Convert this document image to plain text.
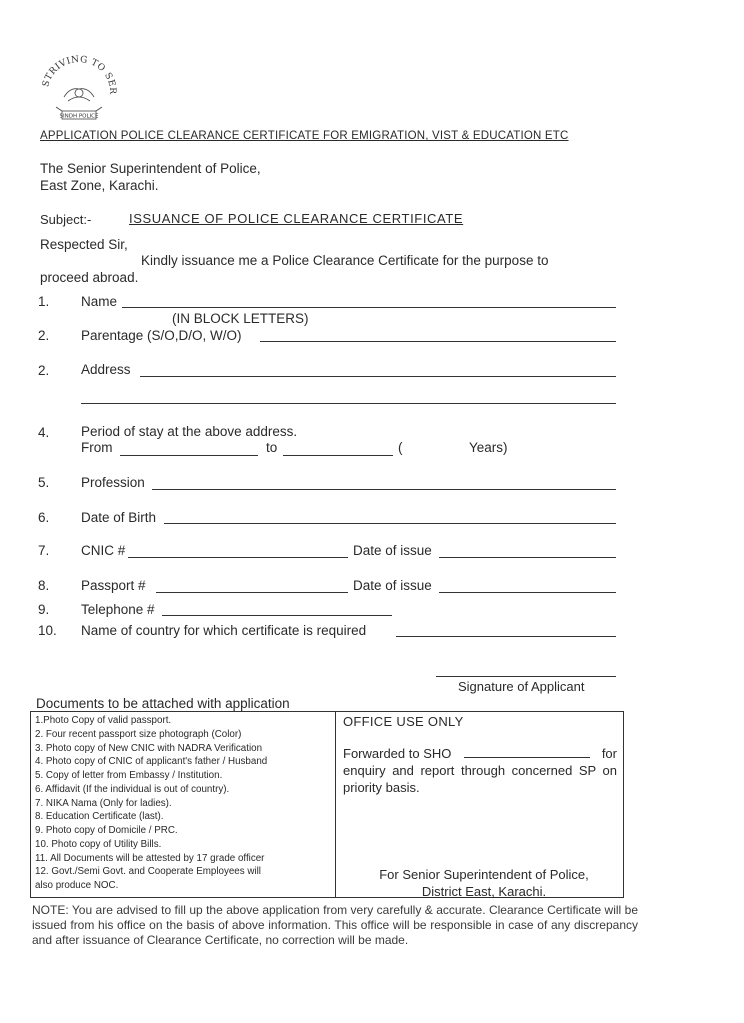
STRIVING TO SER
SINDH POLICE
APPLICATION POLICE CLEARANCE CERTIFICATE FOR EMIGRATION, VIST & EDUCATION ETC
The Senior Superintendent of Police,
East Zone, Karachi.
Subject:-	ISSUANCE OF POLICE CLEARANCE CERTIFICATE
Respected Sir,
Kindly issuance me a Police Clearance Certificate for the purpose to
proceed abroad.
1. Name
(IN BLOCK LETTERS)
2. Parentage (S/O,D/O, W/O)
2. Address
4. Period of stay at the above address.
From	to	(	Years)
5. Profession
6. Date of Birth
7. CNIC #	Date of issue
8. Passport #	Date of issue
9. Telephone #
10. Name of country for which certificate is required
Signature of Applicant
Documents to be attached with application
1.Photo Copy of valid passport.
2. Four recent passport size photograph (Color)
3. Photo copy of New CNIC with NADRA Verification
4. Photo copy of CNIC of applicant's father / Husband
5. Copy of letter from Embassy / Institution.
6. Affidavit (If the individual is out of country).
7. NIKA Nama (Only for ladies).
8. Education Certificate (last).
9. Photo copy of Domicile / PRC.
10. Photo copy of Utility Bills.
11. All Documents will be attested by 17 grade officer
12. Govt./Semi Govt. and Cooperate Employees will
also produce NOC.
OFFICE USE ONLY
Forwarded to SHO	for
enquiry and report through concerned SP on priority basis.
For Senior Superintendent of Police,
District East, Karachi.
NOTE: You are advised to fill up the above application from very carefully & accurate. Clearance Certificate will be issued from his office on the basis of above information. This office will be responsible in case of any discrepancy and after issuance of Clearance Certificate, no correction will be made.
